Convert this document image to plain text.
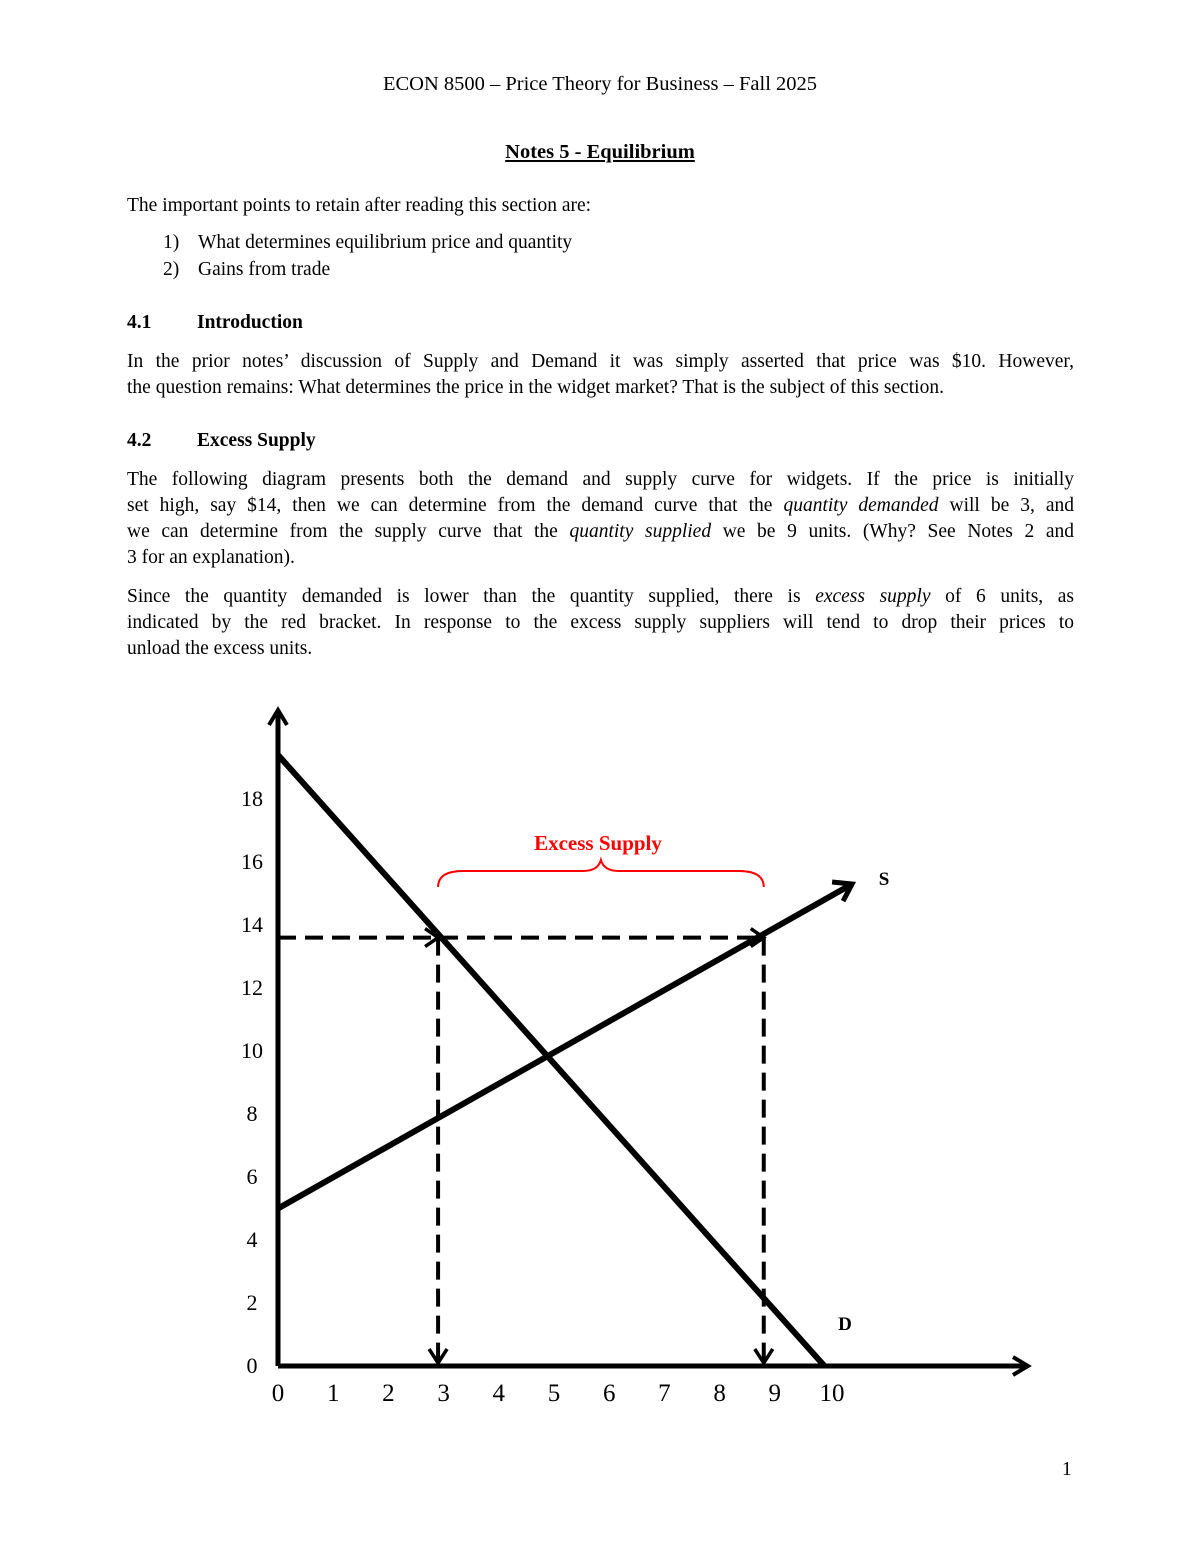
ECON 8500 – Price Theory for Business – Fall 2025
Notes 5 - Equilibrium
The important points to retain after reading this section are:
1) What determines equilibrium price and quantity
2) Gains from trade
4.1 Introduction
In the prior notes’ discussion of Supply and Demand it was simply asserted that price was $10. However,
the question remains: What determines the price in the widget market? That is the subject of this section.
4.2 Excess Supply
The following diagram presents both the demand and supply curve for widgets. If the price is initially
set high, say $14, then we can determine from the demand curve that the quantity demanded will be 3, and
we can determine from the supply curve that the quantity supplied we be 9 units. (Why? See Notes 2 and
3 for an explanation).
Since the quantity demanded is lower than the quantity supplied, there is excess supply of 6 units, as
indicated by the red bracket. In response to the excess supply suppliers will tend to drop their prices to
unload the excess units.
0
2
4
6
8
10
12
14
16
18
0 1 2 3 4 5 6 7 8 9 10
Excess Supply
S
D
1
